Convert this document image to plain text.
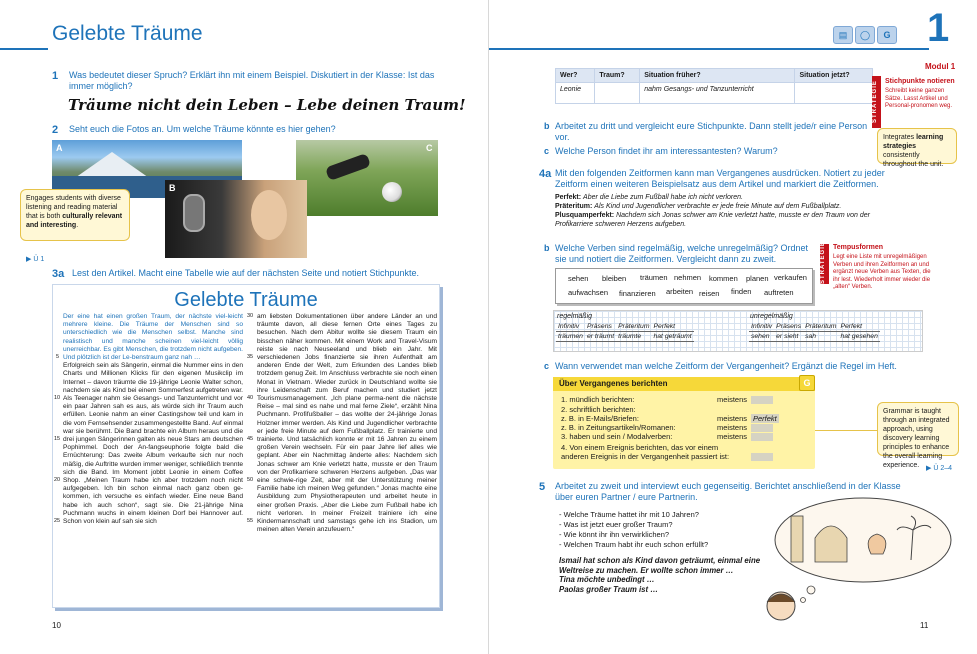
Gelebte Träume
1 Was bedeutet dieser Spruch? Erklärt ihn mit einem Beispiel. Diskutiert in der Klasse: Ist das immer möglich?
Träume nicht dein Leben – Lebe deinen Traum!
2 Seht euch die Fotos an. Um welche Träume könnte es hier gehen?
A	C
B
Engages students with diverse listening and reading material that is both culturally relevant and interesting.
▶ Ü 1
3a Lest den Artikel. Macht eine Tabelle wie auf der nächsten Seite und notiert Stichpunkte.
Gelebte Träume
Der eine hat einen großen Traum, der nächste viel-leicht mehrere kleine. Die Träume der Menschen sind so unterschiedlich wie die Menschen selbst. Manche sind realistisch und manche scheinen viel-leicht völlig unerreichbar. Es gibt Menschen, die trotzdem nicht aufgeben. Und plötzlich ist der Le-benstraum ganz nah …
Erfolgreich sein als Sängerin, einmal die Nummer eins in den Charts und Millionen Klicks für den eigenen Musikclip im Internet – davon träumte die 19-jährige Leonie Walter schon, nachdem sie als Kind bei einem Sommerfest aufgetreten war. Als Teenager nahm sie Gesangs- und Tanzunterricht und vor ein paar Jahren sah es aus, als würde sich ihr Traum auch erfüllen. Leonie nahm an einer Castingshow teil und kam in die vom Fernsehsender zusammengestellte Band. Auf einmal war sie berühmt. Die Band brachte ein Album heraus und die drei jungen Sängerinnen galten als neue Stars am deutschen Pophimmel. Doch der An-fangseuphorie folgte bald die Ernüchterung: Das zweite Album verkaufte sich nur noch mäßig, die Auftritte wurden immer weniger, schließlich trennte sich die Band. Im Moment jobbt Leonie in einem Coffee Shop. „Meinen Traum habe ich aber trotzdem noch nicht aufgegeben. Ich bin schon einmal nach ganz oben ge-kommen, ich versuche es einfach wieder. Eine neue Band habe ich auch schon“, sagt sie. Die 21-jährige Nina Puchmann wuchs in einem kleinen Dorf bei Hannover auf. Schon von klein auf sah sie sich
am liebsten Dokumentationen über andere Länder an und träumte davon, all diese fernen Orte eines Tages zu besuchen. Nach dem Abitur wollte sie diesem Traum ein bisschen näher kommen. Mit einem Work and Travel-Visum reiste sie nach Neuseeland und blieb ein Jahr. Mit verschiedenen Jobs finanzierte sie ihren Aufenthalt am anderen Ende der Welt, zum Erkunden des Landes blieb trotzdem genug Zeit. Im Anschluss verbrachte sie noch einen Monat in Vietnam. Wieder zurück in Deutschland wollte sie ihre Leidenschaft zum Beruf machen und studiert jetzt Tourismusmanagement. „Ich plane perma-nent die nächste Reise – mal sind es nahe und mal ferne Ziele“, erzählt Nina Puchmann. Profifußballer – das wollte der 24-jährige Jonas Holzner immer werden. Als Kind und Jugendlicher verbrachte er jede freie Minute auf dem Fußballplatz. Er trainierte und trainierte. Und tatsächlich konnte er mit 16 Jahren zu einem großen Verein wechseln. Für ein paar Jahre lief alles wie geplant. Aber ein Nachmittag änderte alles: Nachdem sich Jonas schwer am Knie verletzt hatte, musste er den Traum von der Profikarriere schweren Herzens aufgeben. „Das war eine schwie-rige Zeit, aber mit der Unterstützung meiner Familie habe ich meinen Weg gefunden.“ Jonas machte eine Ausbildung zum Physiotherapeuten und arbeitet heute in einer großen Praxis. „Aber die Liebe zum Fußball habe ich nicht verloren. In meiner Freizeit trainiere ich eine Kindermannschaft und samstags gehe ich ins Stadion, um meinen alten Verein anzufeuern.“
5
10
15
20
25
30
35
40
45
50
55
10
▤	◯	G 1
Modul 1
Wer?	Traum?	Situation früher?	Situation jetzt?
Leonie		nahm Gesangs- und Tanzunterricht		STRATEGIE	Stichpunkte notieren
Schreibt keine ganzen Sätze. Lasst Artikel und Personal-pronomen weg.
Integrates learning strategies consistently throughout the unit.
b Arbeitet zu dritt und vergleicht eure Stichpunkte. Dann stellt jede/r eine Person vor.
c Welche Person findet ihr am interessantesten? Warum?
4a Mit den folgenden Zeitformen kann man Vergangenes ausdrücken. Notiert zu jeder Zeitform einen weiteren Beispielsatz aus dem Artikel und markiert die Zeitformen.
Perfekt: Aber die Liebe zum Fußball habe ich nicht verloren.
Präteritum: Als Kind und Jugendlicher verbrachte er jede freie Minute auf dem Fußballplatz.
Plusquamperfekt: Nachdem sich Jonas schwer am Knie verletzt hatte, musste er den Traum von der Profikarriere schweren Herzens aufgeben.
b Welche Verben sind regelmäßig, welche unregelmäßig? Ordnet sie und notiert die Zeitformen. Vergleicht dann zu zweit.	STRATEGIE	Tempusformen
Legt eine Liste mit unregelmäßigen Verben und ihren Zeitformen an und ergänzt neue Verben aus Texten, die ihr lest. Wiederholt immer wieder die „alten“ Verben.
sehen bleiben träumen nehmen kommen planen verkaufen
aufwachsen finanzieren arbeiten reisen finden auftreten
regelmäßig
Infinitiv	Präsens	Präteritum	Perfekt
träumen	er träumt	träumte	hat geträumt
unregelmäßig
Infinitiv	Präsens	Präteritum	Perfekt
sehen	er sieht	sah	hat gesehen
c Wann verwendet man welche Zeitform der Vergangenheit? Ergänzt die Regel im Heft.
Über Vergangenes berichten	G
1. mündlich berichten:	meistens
2. schriftlich berichten:
z. B. in E-Mails/Briefen:	meistens Perfekt
z. B. in Zeitungsartikeln/Romanen:	meistens
3. haben und sein / Modalverben:	meistens
4. Von einem Ereignis berichten, das vor einem
anderen Ereignis in der Vergangenheit passiert ist:
Grammar is taught through an integrated approach, using discovery learning principles to enhance the overall learning experience. ▶ Ü 2–4
5 Arbeitet zu zweit und interviewt euch gegenseitig. Berichtet anschließend in der Klasse über euren Partner / eure Partnerin.
- Welche Träume hattet ihr mit 10 Jahren?
- Was ist jetzt euer großer Traum?
- Wie könnt ihr ihn verwirklichen?
- Welchen Traum habt ihr euch schon erfüllt?
Ismail hat schon als Kind davon geträumt, einmal eine
Weltreise zu machen. Er wollte schon immer …
Tina möchte unbedingt …
Paolas großer Traum ist …
11
